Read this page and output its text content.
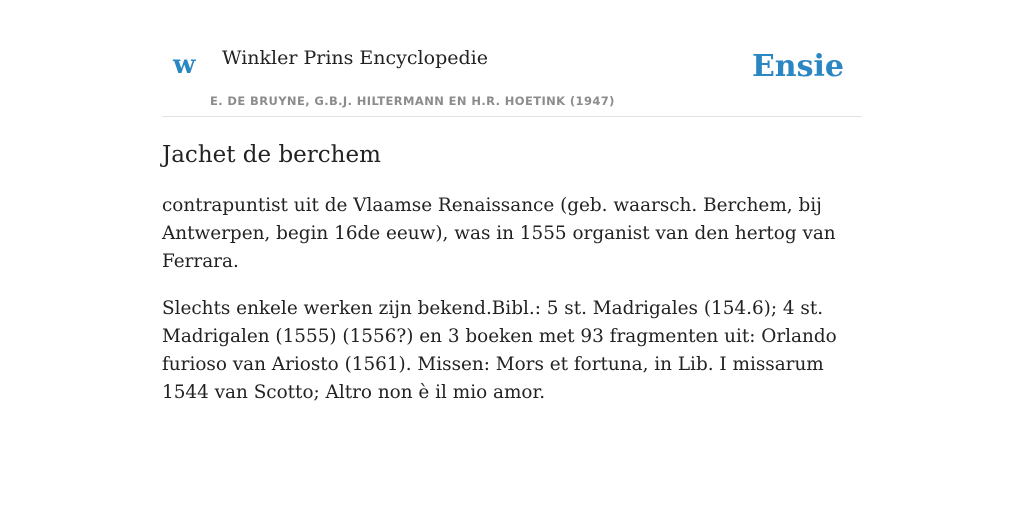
w Winkler Prins Encyclopedie
E. DE BRUYNE, G.B.J. HILTERMANN EN H.R. HOETINK (1947)
Ensie
Jachet de berchem

contrapuntist uit de Vlaamse Renaissance (geb. waarsch. Berchem, bij Antwerpen, begin 16de eeuw), was in 1555 organist van den hertog van Ferrara.

Slechts enkele werken zijn bekend.Bibl.: 5 st. Madrigales (154.6); 4 st. Madrigalen (1555) (1556?) en 3 boeken met 93 fragmenten uit: Orlando furioso van Ariosto (1561). Missen: Mors et fortuna, in Lib. I missarum 1544 van Scotto; Altro non è il mio amor.
